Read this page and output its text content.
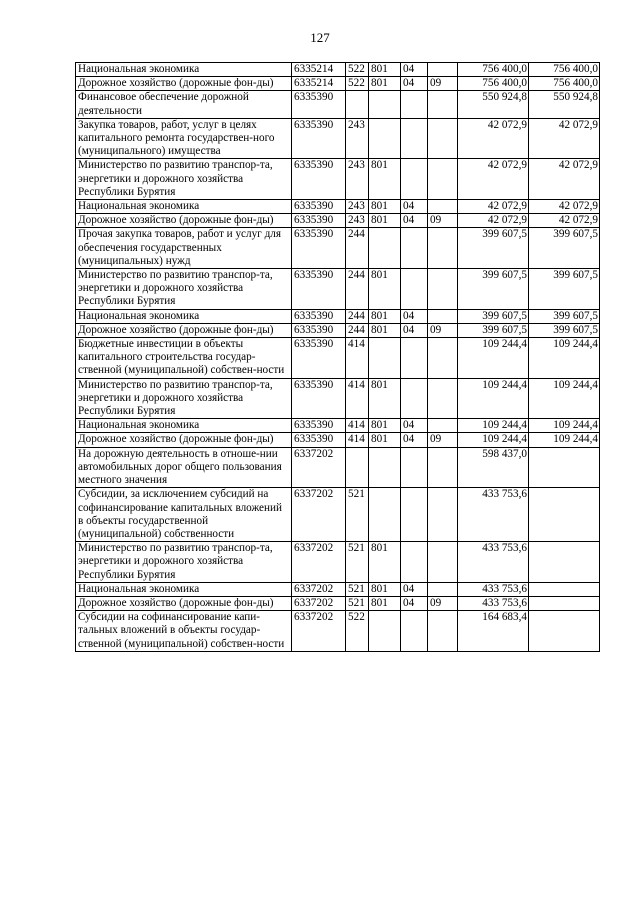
127
Национальная экономика	6335214	522	801	04		756 400,0	756 400,0
Дорожное хозяйство (дорожные фон-ды)	6335214	522	801	04	09	756 400,0	756 400,0
Финансовое обеспечение дорожной деятельности	6335390					550 924,8	550 924,8
Закупка товаров, работ, услуг в целях капитального ремонта государствен-ного (муниципального) имущества	6335390	243				42 072,9	42 072,9
Министерство по развитию транспор-та, энергетики и дорожного хозяйства Республики Бурятия	6335390	243	801			42 072,9	42 072,9
Национальная экономика	6335390	243	801	04		42 072,9	42 072,9
Дорожное хозяйство (дорожные фон-ды)	6335390	243	801	04	09	42 072,9	42 072,9
Прочая закупка товаров, работ и услуг для обеспечения государственных (муниципальных) нужд	6335390	244				399 607,5	399 607,5
Министерство по развитию транспор-та, энергетики и дорожного хозяйства Республики Бурятия	6335390	244	801			399 607,5	399 607,5
Национальная экономика	6335390	244	801	04		399 607,5	399 607,5
Дорожное хозяйство (дорожные фон-ды)	6335390	244	801	04	09	399 607,5	399 607,5
Бюджетные инвестиции в объекты капитального строительства государ-ственной (муниципальной) собствен-ности	6335390	414				109 244,4	109 244,4
Министерство по развитию транспор-та, энергетики и дорожного хозяйства Республики Бурятия	6335390	414	801			109 244,4	109 244,4
Национальная экономика	6335390	414	801	04		109 244,4	109 244,4
Дорожное хозяйство (дорожные фон-ды)	6335390	414	801	04	09	109 244,4	109 244,4
На дорожную деятельность в отноше-нии автомобильных дорог общего пользования местного значения	6337202					598 437,0	
Субсидии, за исключением субсидий на софинансирование капитальных вложений в объекты государственной (муниципальной) собственности	6337202	521				433 753,6	
Министерство по развитию транспор-та, энергетики и дорожного хозяйства Республики Бурятия	6337202	521	801			433 753,6	
Национальная экономика	6337202	521	801	04		433 753,6	
Дорожное хозяйство (дорожные фон-ды)	6337202	521	801	04	09	433 753,6	
Субсидии на софинансирование капи-тальных вложений в объекты государ-ственной (муниципальной) собствен-ности	6337202	522				164 683,4	
